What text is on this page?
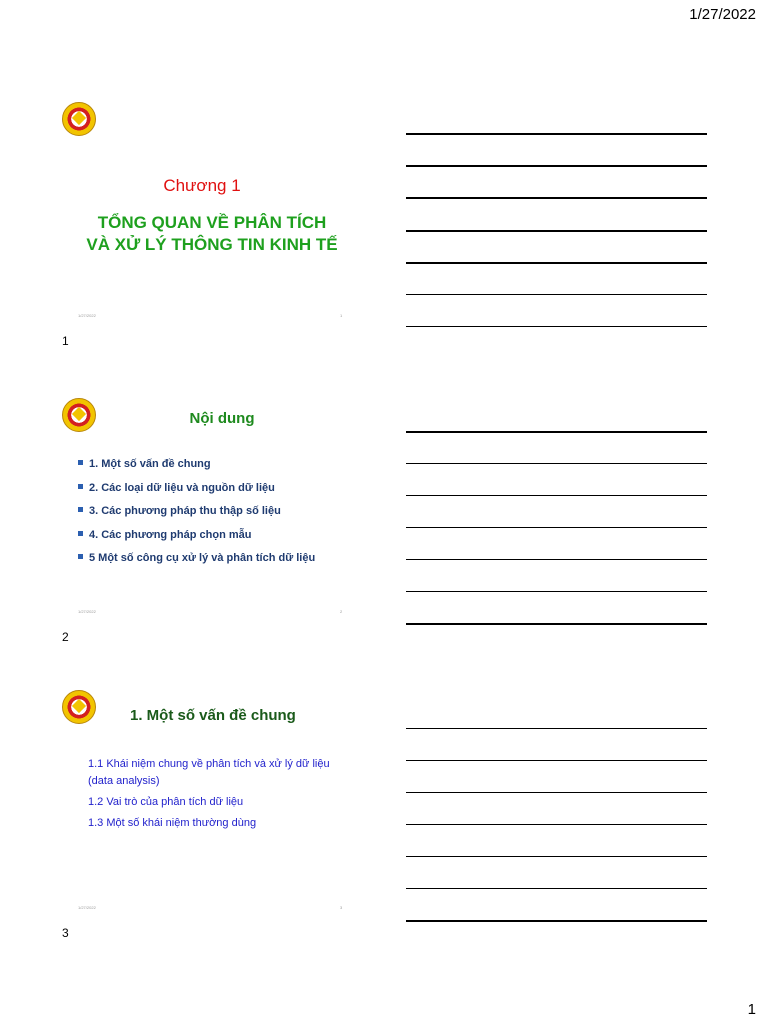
1/27/2022
Chương 1
TỔNG QUAN VỀ PHÂN TÍCH
VÀ XỬ LÝ THÔNG TIN KINH TẾ
1/27/2022	1
1
Nội dung
1. Một số vấn đề chung
2. Các loại dữ liệu và nguồn dữ liệu
3. Các phương pháp thu thập số liệu
4. Các phương pháp chọn mẫu
5 Một số công cụ xử lý và phân tích dữ liệu
1/27/2022	2
2
1. Một số vấn đề chung
1.1 Khái niệm chung về phân tích và xử lý dữ liệu (data analysis)
1.2 Vai trò của phân tích dữ liệu
1.3 Một số khái niệm thường dùng
1/27/2022	3
3
1
